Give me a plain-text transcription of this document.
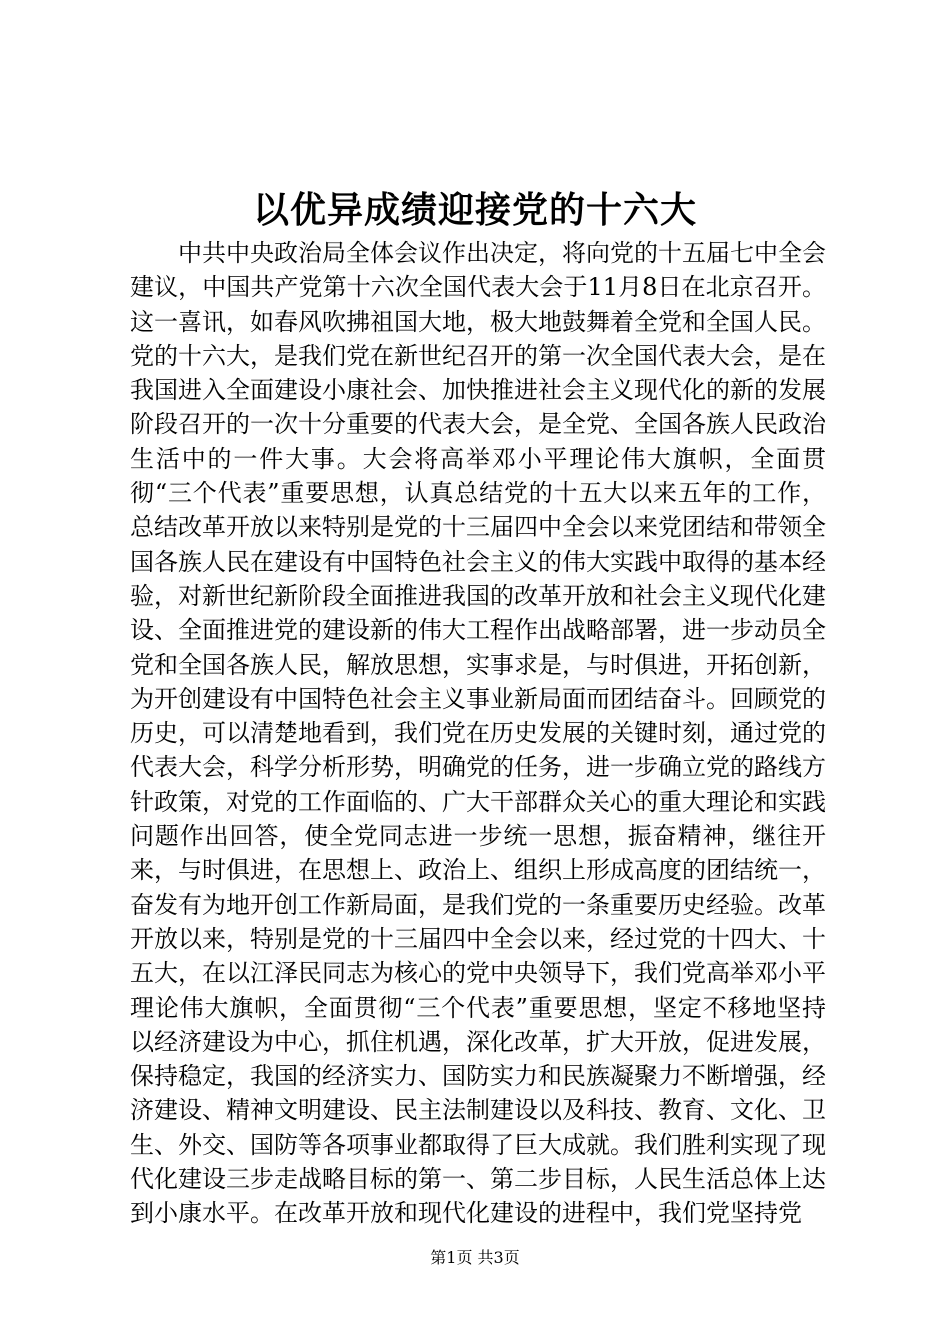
以优异成绩迎接党的十六大

中共中央政治局全体会议作出决定，将向党的十五届七中全会建议，中国共产党第十六次全国代表大会于11月8日在北京召开。这一喜讯，如春风吹拂祖国大地，极大地鼓舞着全党和全国人民。党的十六大，是我们党在新世纪召开的第一次全国代表大会，是在我国进入全面建设小康社会、加快推进社会主义现代化的新的发展阶段召开的一次十分重要的代表大会，是全党、全国各族人民政治生活中的一件大事。大会将高举邓小平理论伟大旗帜，全面贯彻“三个代表”重要思想，认真总结党的十五大以来五年的工作，总结改革开放以来特别是党的十三届四中全会以来党团结和带领全国各族人民在建设有中国特色社会主义的伟大实践中取得的基本经验，对新世纪新阶段全面推进我国的改革开放和社会主义现代化建设、全面推进党的建设新的伟大工程作出战略部署，进一步动员全党和全国各族人民，解放思想，实事求是，与时俱进，开拓创新，为开创建设有中国特色社会主义事业新局面而团结奋斗。回顾党的历史，可以清楚地看到，我们党在历史发展的关键时刻，通过党的代表大会，科学分析形势，明确党的任务，进一步确立党的路线方针政策，对党的工作面临的、广大干部群众关心的重大理论和实践问题作出回答，使全党同志进一步统一思想，振奋精神，继往开来，与时俱进，在思想上、政治上、组织上形成高度的团结统一，奋发有为地开创工作新局面，是我们党的一条重要历史经验。改革开放以来，特别是党的十三届四中全会以来，经过党的十四大、十五大，在以江泽民同志为核心的党中央领导下，我们党高举邓小平理论伟大旗帜，全面贯彻“三个代表”重要思想，坚定不移地坚持以经济建设为中心，抓住机遇，深化改革，扩大开放，促进发展，保持稳定，我国的经济实力、国防实力和民族凝聚力不断增强，经济建设、精神文明建设、民主法制建设以及科技、教育、文化、卫生、外交、国防等各项事业都取得了巨大成就。我们胜利实现了现代化建设三步走战略目标的第一、第二步目标，人民生活总体上达到小康水平。在改革开放和现代化建设的进程中，我们党坚持党

第1页 共3页
